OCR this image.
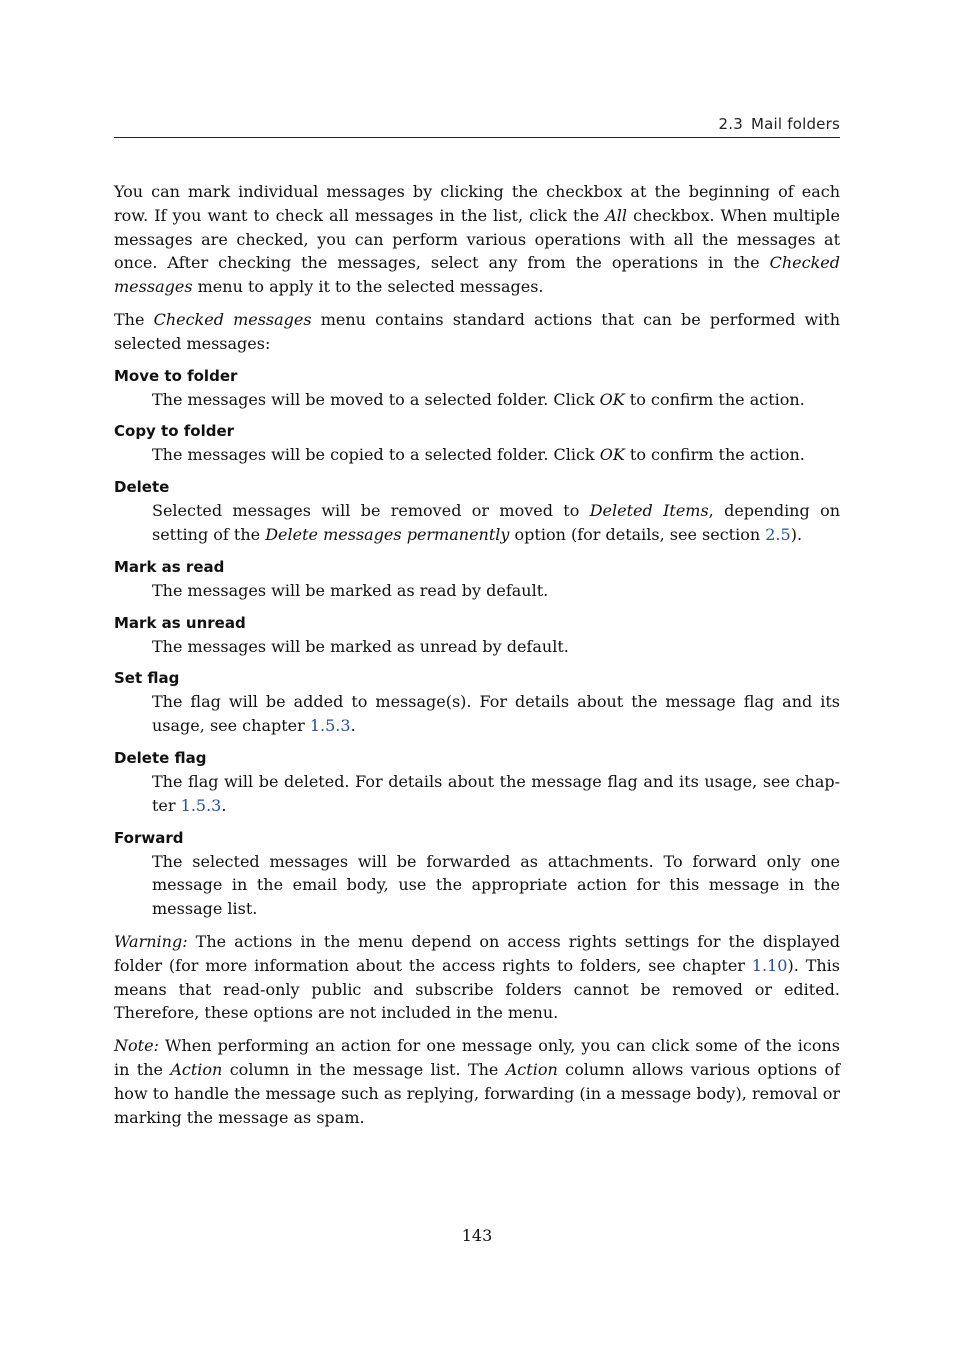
2.3 Mail folders

You can mark individual messages by clicking the checkbox at the beginning of each row. If you want to check all messages in the list, click the All checkbox. When multiple messages are checked, you can perform various operations with all the messages at once. After checking the messages, select any from the operations in the Checked messages menu to apply it to the selected messages.

The Checked messages menu contains standard actions that can be performed with selected messages:

Move to folder
The messages will be moved to a selected folder. Click OK to confirm the action.
Copy to folder
The messages will be copied to a selected folder. Click OK to confirm the action.
Delete
Selected messages will be removed or moved to Deleted Items, depending on setting of the Delete messages permanently option (for details, see section 2.5).
Mark as read
The messages will be marked as read by default.
Mark as unread
The messages will be marked as unread by default.
Set flag
The flag will be added to message(s). For details about the message flag and its usage, see chapter 1.5.3.
Delete flag
The flag will be deleted. For details about the message flag and its usage, see chapter 1.5.3.
Forward
The selected messages will be forwarded as attachments. To forward only one message in the email body, use the appropriate action for this message in the message list.

Warning: The actions in the menu depend on access rights settings for the displayed folder (for more information about the access rights to folders, see chapter 1.10). This means that read-only public and subscribe folders cannot be removed or edited. Therefore, these options are not included in the menu.

Note: When performing an action for one message only, you can click some of the icons in the Action column in the message list. The Action column allows various options of how to handle the message such as replying, forwarding (in a message body), removal or marking the message as spam.

143
